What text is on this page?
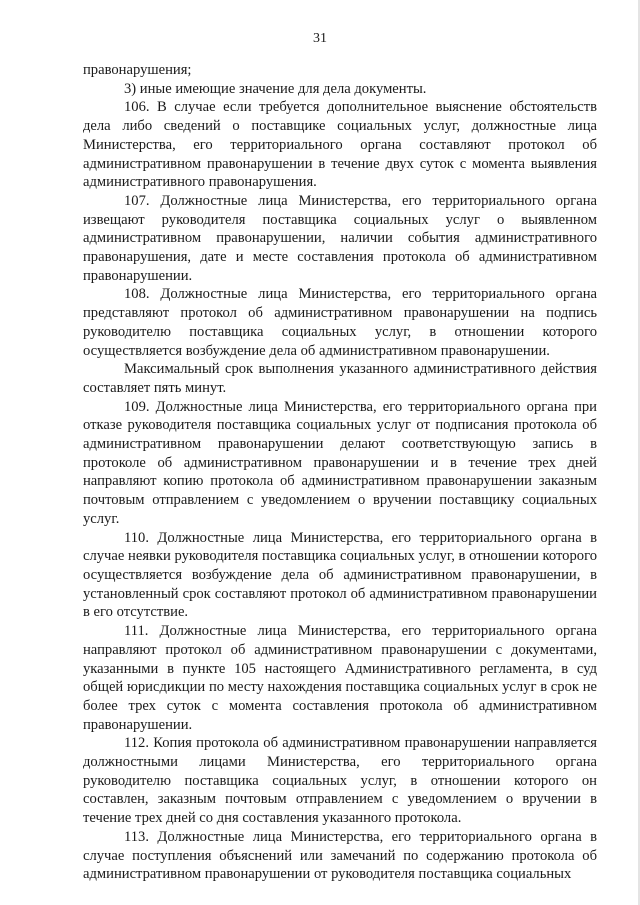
31

правонарушения;

3) иные имеющие значение для дела документы.

106. В случае если требуется дополнительное выяснение обстоятельств дела либо сведений о поставщике социальных услуг, должностные лица Министерства, его территориального органа составляют протокол об административном правонарушении в течение двух суток с момента выявления административного правонарушения.

107. Должностные лица Министерства, его территориального органа извещают руководителя поставщика социальных услуг о выявленном административном правонарушении, наличии события административного правонарушения, дате и месте составления протокола об административном правонарушении.

108. Должностные лица Министерства, его территориального органа представляют протокол об административном правонарушении на подпись руководителю поставщика социальных услуг, в отношении которого осуществляется возбуждение дела об административном правонарушении.

Максимальный срок выполнения указанного административного действия составляет пять минут.

109. Должностные лица Министерства, его территориального органа при отказе руководителя поставщика социальных услуг от подписания протокола об административном правонарушении делают соответствующую запись в протоколе об административном правонарушении и в течение трех дней направляют копию протокола об административном правонарушении заказным почтовым отправлением с уведомлением о вручении поставщику социальных услуг.

110. Должностные лица Министерства, его территориального органа в случае неявки руководителя поставщика социальных услуг, в отношении которого осуществляется возбуждение дела об административном правонарушении, в установленный срок составляют протокол об административном правонарушении в его отсутствие.

111. Должностные лица Министерства, его территориального органа направляют протокол об административном правонарушении с документами, указанными в пункте 105 настоящего Административного регламента, в суд общей юрисдикции по месту нахождения поставщика социальных услуг в срок не более трех суток с момента составления протокола об административном правонарушении.

112. Копия протокола об административном правонарушении направляется должностными лицами Министерства, его территориального органа руководителю поставщика социальных услуг, в отношении которого он составлен, заказным почтовым отправлением с уведомлением о вручении в течение трех дней со дня составления указанного протокола.

113. Должностные лица Министерства, его территориального органа в случае поступления объяснений или замечаний по содержанию протокола об административном правонарушении от руководителя поставщика социальных
